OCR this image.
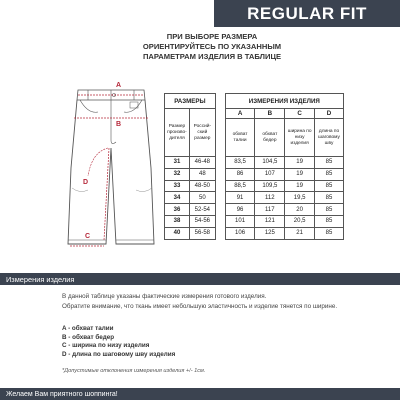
REGULAR FIT
ПРИ ВЫБОРЕ РАЗМЕРА
ОРИЕНТИРУЙТЕСЬ ПО УКАЗАННЫМ
ПАРАМЕТРАМ ИЗДЕЛИЯ В ТАБЛИЦЕ
A
B
D
C
РАЗМЕРЫ			ИЗМЕРЕНИЯ ИЗДЕЛИЯ			
Размер произво-дителя	Россий-ский размер		A	B	C	D
			обхват талии	обхват бедер	ширина по низу изделия	длина по шаговому шву
31	46-48		83,5	104,5	19	85
32	48		86	107	19	85
33	48-50		88,5	109,5	19	85
34	50		91	112	19,5	85
36	52-54		96	117	20	85
38	54-56		101	121	20,5	85
40	56-58		106	125	21	85
Измерения изделия

В данной таблице указаны фактические измерения готового изделия.

Обратите внимание, что ткань имеет небольшую эластичность и изделие тянется по ширине.

A - обхват талии
B - обхват бедер
C - ширина по низу изделия
D - длина по шаговому шву изделия
*Допустимые отклонения измерения изделия +/- 1см.
Желаем Вам приятного шоппинга!
